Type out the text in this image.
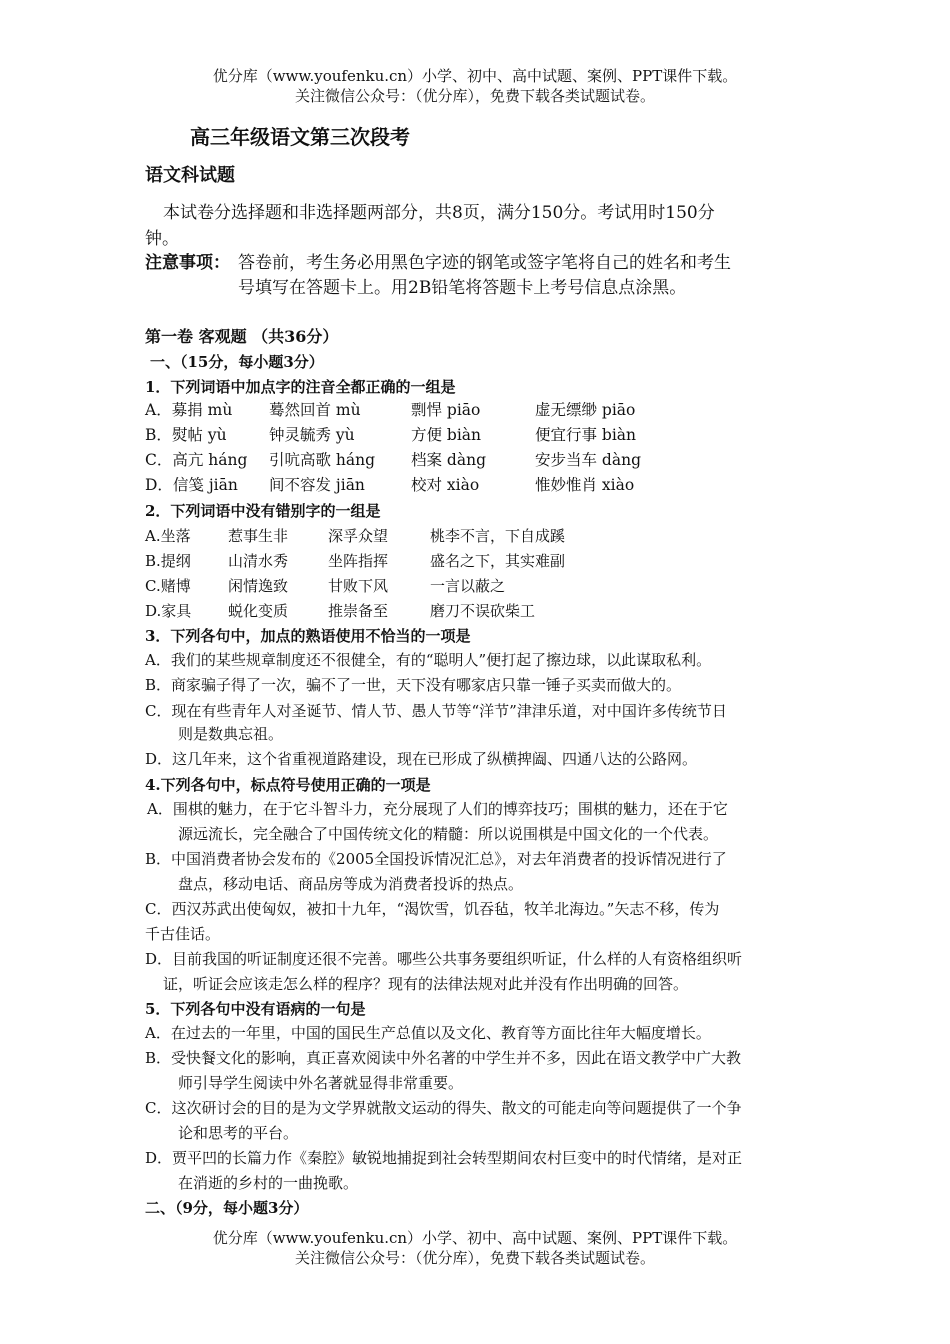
优分库（www.youfenku.cn）小学、初中、高中试题、案例、PPT课件下载。
关注微信公众号：（优分库），免费下载各类试题试卷。
高三年级语文第三次段考
语文科试题
本试卷分选择题和非选择题两部分，共8页，满分150分。考试用时150分
钟。
注意事项： 答卷前，考生务必用黑色字迹的钢笔或签字笔将自己的姓名和考生
号填写在答题卡上。用2B铅笔将答题卡上考号信息点涂黑。
第一卷 客观题 （共36分）
一、（15分，每小题3分）
1．下列词语中加点字的注音全都正确的一组是
A．募捐 mù 蓦然回首 mù	剽悍 piāo	虚无缥缈 piāo
B．熨帖 yù	钟灵毓秀 yù	方便 biàn	便宜行事 biàn
C．高亢 háng 引吭高歌 háng 档案 dàng	安步当车 dàng
D．信笺 jiān 间不容发 jiān	校对 xiào	惟妙惟肖 xiào
2．下列词语中没有错别字的一组是
A.坐落 惹事生非	深孚众望	桃李不言，下自成蹊
B.提纲 山清水秀	坐阵指挥	盛名之下，其实难副
C.赌博 闲情逸致	甘败下风	一言以蔽之
D.家具 蜕化变质	推崇备至	磨刀不误砍柴工
3．下列各句中，加点的熟语使用不恰当的一项是
A．我们的某些规章制度还不很健全，有的“聪明人”便打起了擦边球，以此谋取私利。
B．商家骗子得了一次，骗不了一世，天下没有哪家店只靠一锤子买卖而做大的。
C．现在有些青年人对圣诞节、情人节、愚人节等“洋节”津津乐道，对中国许多传统节日
则是数典忘祖。
D．这几年来，这个省重视道路建设，现在已形成了纵横捭阖、四通八达的公路网。
4.下列各句中，标点符号使用正确的一项是
A．围棋的魅力，在于它斗智斗力，充分展现了人们的博弈技巧；围棋的魅力，还在于它
源远流长，完全融合了中国传统文化的精髓：所以说围棋是中国文化的一个代表。
B．中国消费者协会发布的《2005全国投诉情况汇总》，对去年消费者的投诉情况进行了
盘点，移动电话、商品房等成为消费者投诉的热点。
C．西汉苏武出使匈奴，被扣十九年，“渴饮雪，饥吞毡，牧羊北海边。”矢志不移，传为
千古佳话。
D．目前我国的听证制度还很不完善。哪些公共事务要组织听证，什么样的人有资格组织听
证，听证会应该走怎么样的程序？现有的法律法规对此并没有作出明确的回答。
5．下列各句中没有语病的一句是
A．在过去的一年里，中国的国民生产总值以及文化、教育等方面比往年大幅度增长。
B．受快餐文化的影响，真正喜欢阅读中外名著的中学生并不多，因此在语文教学中广大教
师引导学生阅读中外名著就显得非常重要。
C．这次研讨会的目的是为文学界就散文运动的得失、散文的可能走向等问题提供了一个争
论和思考的平台。
D．贾平凹的长篇力作《秦腔》敏锐地捕捉到社会转型期间农村巨变中的时代情绪，是对正
在消逝的乡村的一曲挽歌。
二、（9分，每小题3分）
优分库（www.youfenku.cn）小学、初中、高中试题、案例、PPT课件下载。
关注微信公众号：（优分库），免费下载各类试题试卷。
